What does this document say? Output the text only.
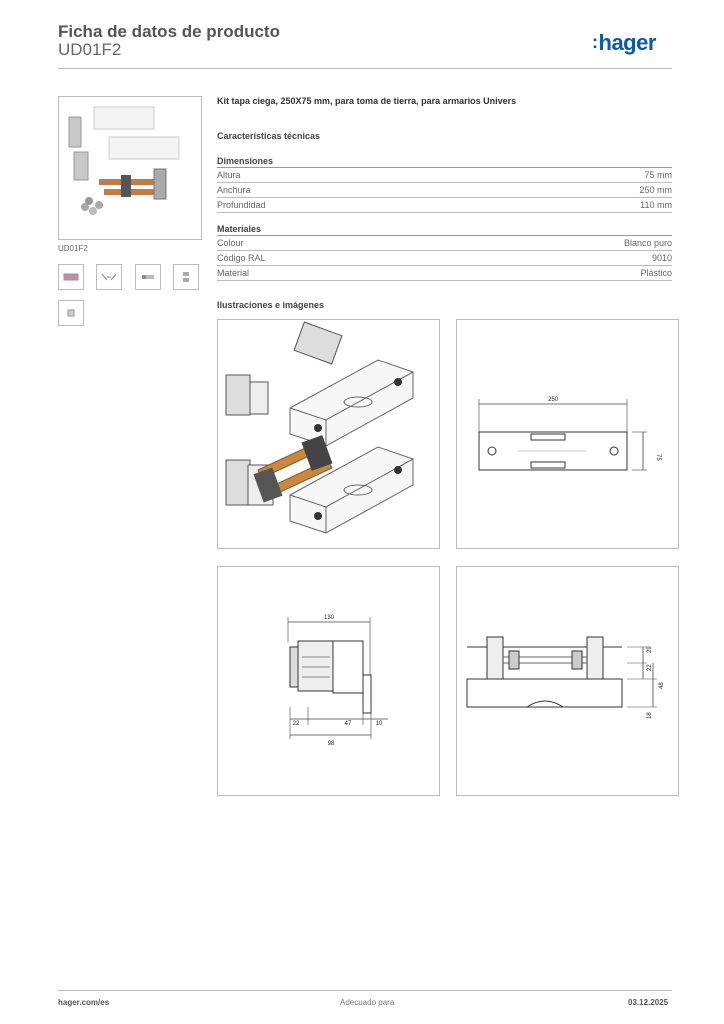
Ficha de datos de producto
UD01F2	:hager
UD01F2
Kit tapa ciega, 250X75 mm, para toma de tierra, para armarios Univers
Características técnicas
Dimensiones
Altura	75 mm
Anchura	250 mm
Profundidad	110 mm
Materiales
Colour	Blanco puro
Código RAL	9010
Material	Plástico
Ilustraciones e imágenes
250
75
130
22	47	10
98
29
22
48
18
hager.com/es	Adecuado para	03.12.2025
